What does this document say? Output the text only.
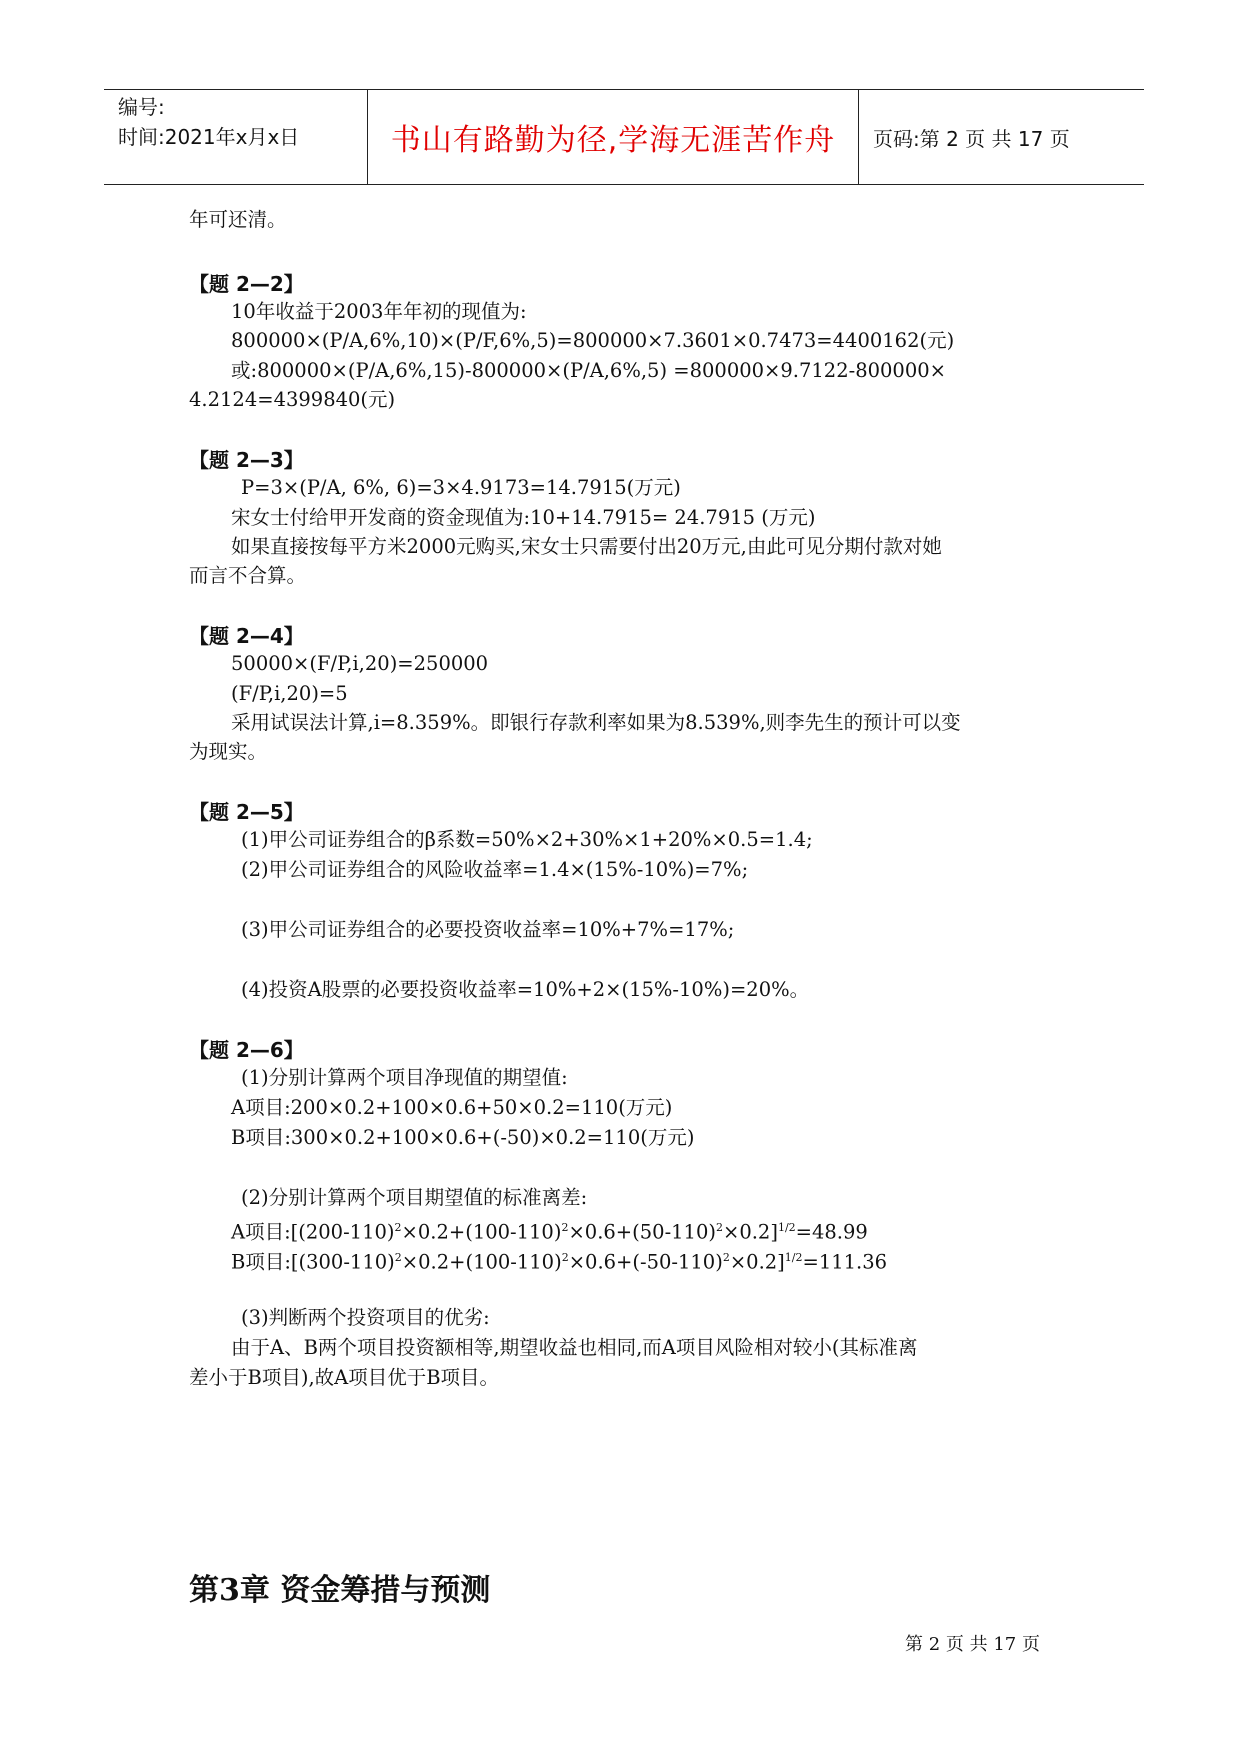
编号:
时间:2021年x月x日	书山有路勤为径,学海无涯苦作舟	页码:第 2 页 共 17 页
年可还清。
【题 2—2】
10年收益于2003年年初的现值为:
800000×(P/A,6%,10)×(P/F,6%,5)=800000×7.3601×0.7473=4400162(元)
或:800000×(P/A,6%,15)-800000×(P/A,6%,5) =800000×9.7122-800000×
4.2124=4399840(元)
【题 2—3】
P=3×(P/A, 6%, 6)=3×4.9173=14.7915(万元)
宋女士付给甲开发商的资金现值为:10+14.7915= 24.7915 (万元)
如果直接按每平方米2000元购买,宋女士只需要付出20万元,由此可见分期付款对她
而言不合算。
【题 2—4】
50000×(F/P,i,20)=250000
(F/P,i,20)=5
采用试误法计算,i=8.359%。即银行存款利率如果为8.539%,则李先生的预计可以变
为现实。
【题 2—5】
(1)甲公司证券组合的β系数=50%×2+30%×1+20%×0.5=1.4;
(2)甲公司证券组合的风险收益率=1.4×(15%-10%)=7%;
(3)甲公司证券组合的必要投资收益率=10%+7%=17%;
(4)投资A股票的必要投资收益率=10%+2×(15%-10%)=20%。
【题 2—6】
(1)分别计算两个项目净现值的期望值:
A项目:200×0.2+100×0.6+50×0.2=110(万元)
B项目:300×0.2+100×0.6+(-50)×0.2=110(万元)
(2)分别计算两个项目期望值的标准离差:
A项目$:[(200-110)^2\times 0.2+(100-110)^2\times 0.6+(50-110)^2\times 0.2]^{1/2}=48.99$
B项目$:[(300-110)^2\times 0.2+(100-110)^2\times 0.6+(-50-110)^2\times 0.2]^{1/2}=111.36$
(3)判断两个投资项目的优劣:
由于A、B两个项目投资额相等,期望收益也相同,而A项目风险相对较小(其标准离
差小于B项目),故A项目优于B项目。
第3章 资金筹措与预测
第 2 页 共 17 页
